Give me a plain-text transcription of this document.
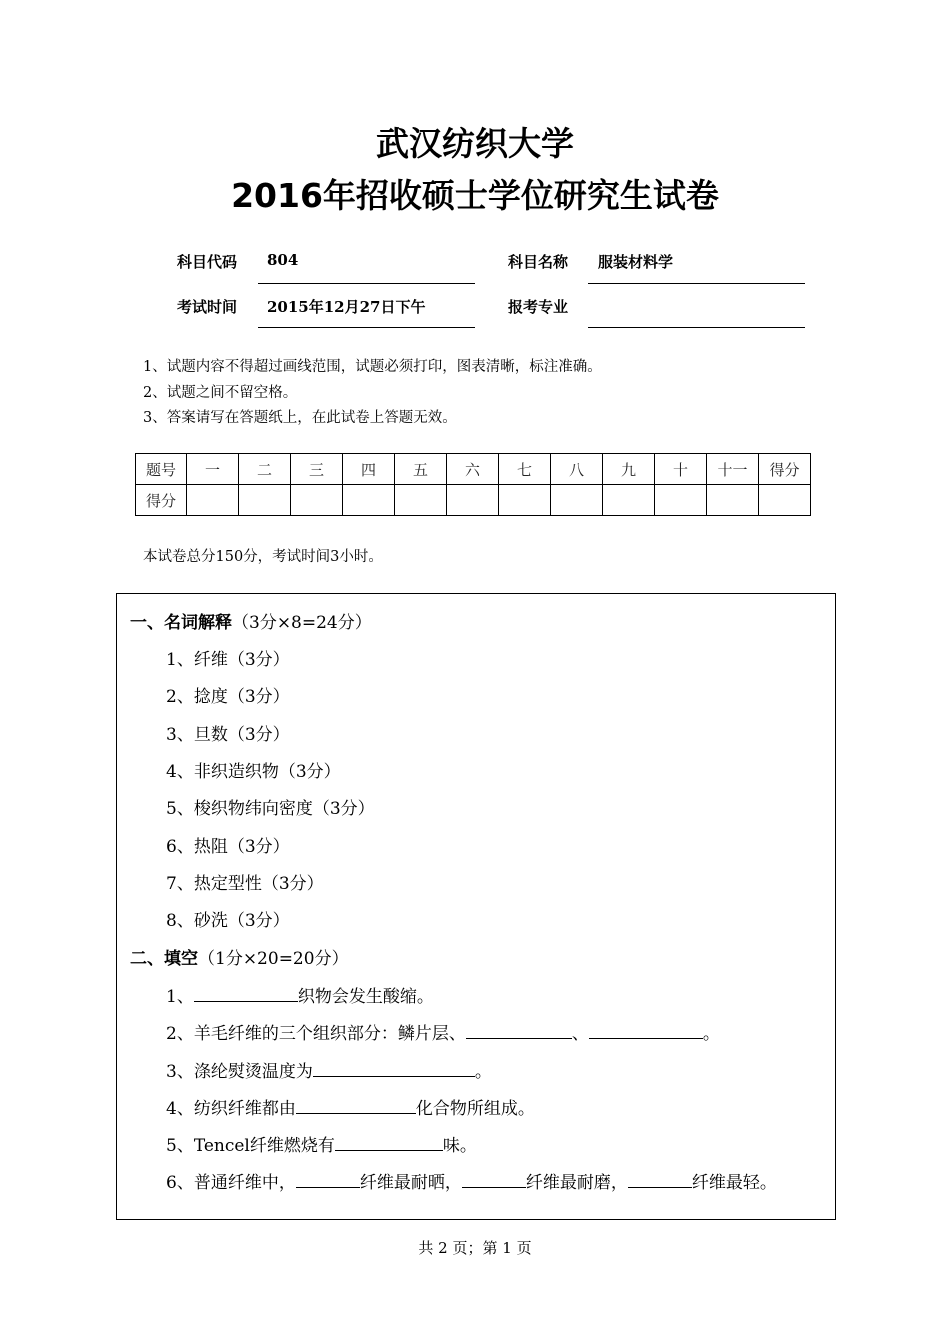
武汉纺织大学
2016年招收硕士学位研究生试卷
科目代码 804	科目名称 服装材料学
考试时间 2015年12月27日下午	报考专业
1、试题内容不得超过画线范围，试题必须打印，图表清晰，标注准确。
2、试题之间不留空格。
3、答案请写在答题纸上，在此试卷上答题无效。
题号	一	二	三	四	五	六	七	八	九	十	十一	得分
得分												
本试卷总分150分，考试时间3小时。
一、名词解释（3分×8=24分）
1、纤维（3分）
2、捻度（3分）
3、旦数（3分）
4、非织造织物（3分）
5、梭织物纬向密度（3分）
6、热阻（3分）
7、热定型性（3分）
8、砂洗（3分）
二、填空（1分×20=20分）
1、	织物会发生酸缩。
2、羊毛纤维的三个组织部分：鳞片层、	、	。
3、涤纶熨烫温度为	。
4、纺织纤维都由	化合物所组成。
5、Tencel纤维燃烧有	味。
6、普通纤维中，	纤维最耐晒，	纤维最耐磨，	纤维最轻。
共 2 页；第 1 页
